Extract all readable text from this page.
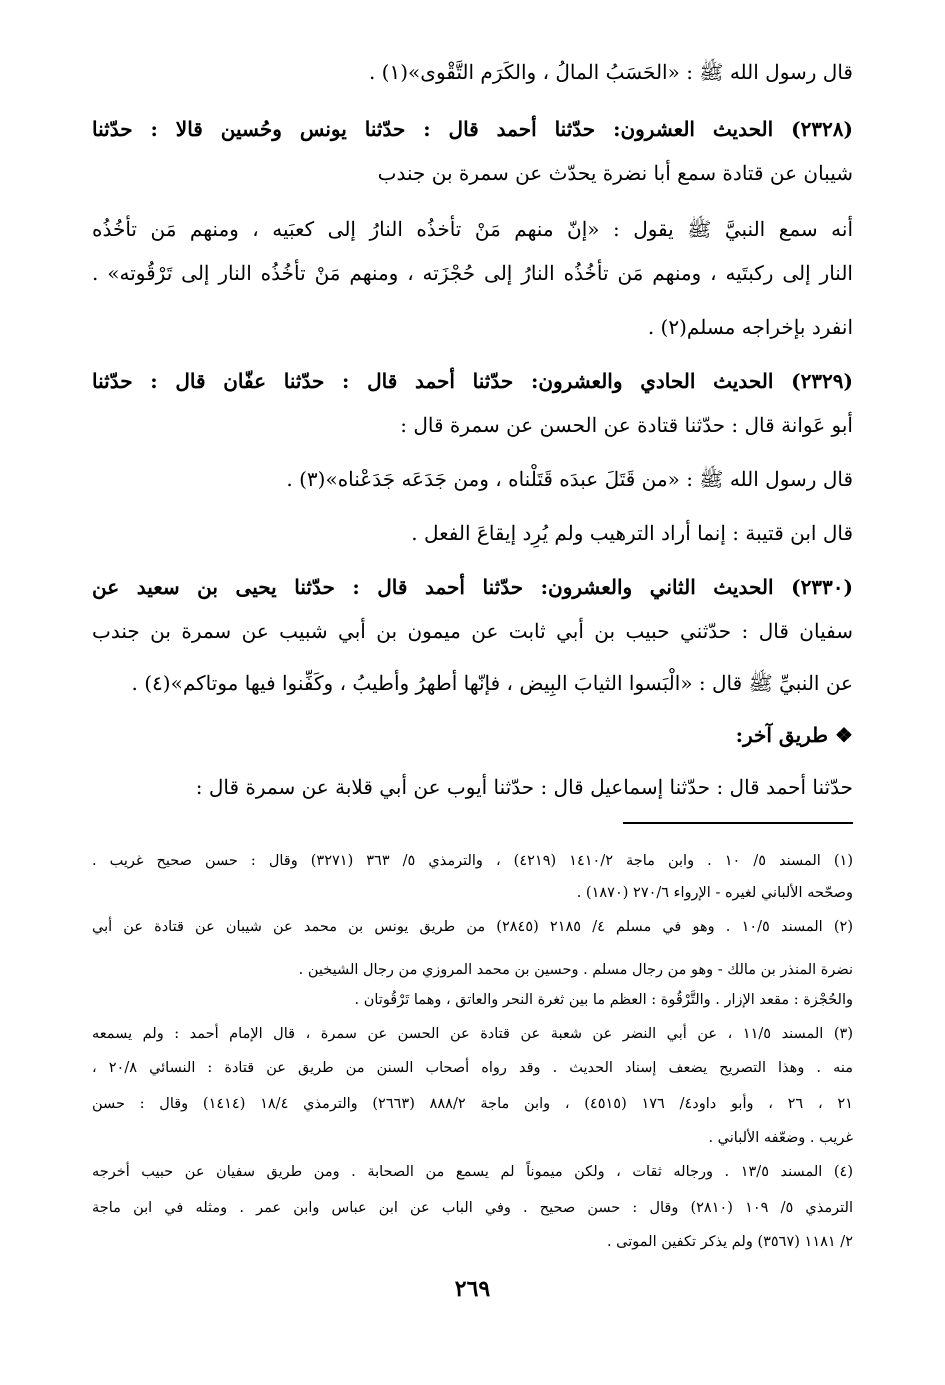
قال رسول الله ﷺ : «الحَسَبُ المالُ ، والكَرَم التَّقْوى»(١) .
(٢٣٢٨) الحديث العشرون: حدّثنا أحمد قال : حدّثنا يونس وحُسين قالا : حدّثنا
شيبان عن قتادة سمع أبا نضرة يحدّث عن سمرة بن جندب
أنه سمع النبيَّ ﷺ يقول : «إنّ منهم مَنْ تأخذُه النارُ إلى كعبَيه ، ومنهم مَن تأخُذُه
النار إلى ركبتَيه ، ومنهم مَن تأخُذُه النارُ إلى حُجْزَته ، ومنهم مَنْ تأخُذُه النار إلى تَرْقُوته» .
انفرد بإخراجه مسلم(٢) .
(٢٣٢٩) الحديث الحادي والعشرون: حدّثنا أحمد قال : حدّثنا عفّان قال : حدّثنا
أبو عَوانة قال : حدّثنا قتادة عن الحسن عن سمرة قال :
قال رسول الله ﷺ : «من قَتَلَ عبدَه قَتَلْناه ، ومن جَدَعَه جَدَعْناه»(٣) .
قال ابن قتيبة : إنما أراد الترهيب ولم يُرِد إيقاعَ الفعل .
(٢٣٣٠) الحديث الثاني والعشرون: حدّثنا أحمد قال : حدّثنا يحيى بن سعيد عن
سفيان قال : حدّثني حبيب بن أبي ثابت عن ميمون بن أبي شبيب عن سمرة بن جندب
عن النبيِّ ﷺ قال : «الْبَسوا الثيابَ البِيض ، فإنّها أطهرُ وأطيبُ ، وكَفِّنوا فيها موتاكم»(٤) .
❖ طريق آخر:
حدّثنا أحمد قال : حدّثنا إسماعيل قال : حدّثنا أيوب عن أبي قلابة عن سمرة قال :
(١) المسند ٥/ ١٠ . وابن ماجة ١٤١٠/٢ (٤٢١٩) ، والترمذي ٥/ ٣٦٣ (٣٢٧١) وقال : حسن صحيح غريب .
وصحّحه الألباني لغيره - الإرواء ٢٧٠/٦ (١٨٧٠) .
(٢) المسند ١٠/٥ . وهو في مسلم ٤/ ٢١٨٥ (٢٨٤٥) من طريق يونس بن محمد عن شيبان عن قتادة عن أبي
نضرة المنذر بن مالك - وهو من رجال مسلم . وحسين بن محمد المروزي من رجال الشيخين .
والحُجْزة : مقعد الإزار . والتَّرْقُوة : العظم ما بين ثغرة النحر والعاتق ، وهما تَرْقُوتان .
(٣) المسند ١١/٥ ، عن أبي النضر عن شعبة عن قتادة عن الحسن عن سمرة ، قال الإمام أحمد : ولم يسمعه
منه . وهذا التصريح يضعف إسناد الحديث . وقد رواه أصحاب السنن من طريق عن قتادة : النسائي ٢٠/٨ ،
٢١ ، ٢٦ ، وأبو داود٤/ ١٧٦ (٤٥١٥) ، وابن ماجة ٨٨٨/٢ (٢٦٦٣) والترمذي ١٨/٤ (١٤١٤) وقال : حسن
غريب . وضعّفه الألباني .
(٤) المسند ١٣/٥ . ورجاله ثقات ، ولكن ميموناً لم يسمع من الصحابة . ومن طريق سفيان عن حبيب أخرجه
الترمذي ٥/ ١٠٩ (٢٨١٠) وقال : حسن صحيح . وفي الباب عن ابن عباس وابن عمر . ومثله في ابن ماجة
٢/ ١١٨١ (٣٥٦٧) ولم يذكر تكفين الموتى .
٢٦٩
